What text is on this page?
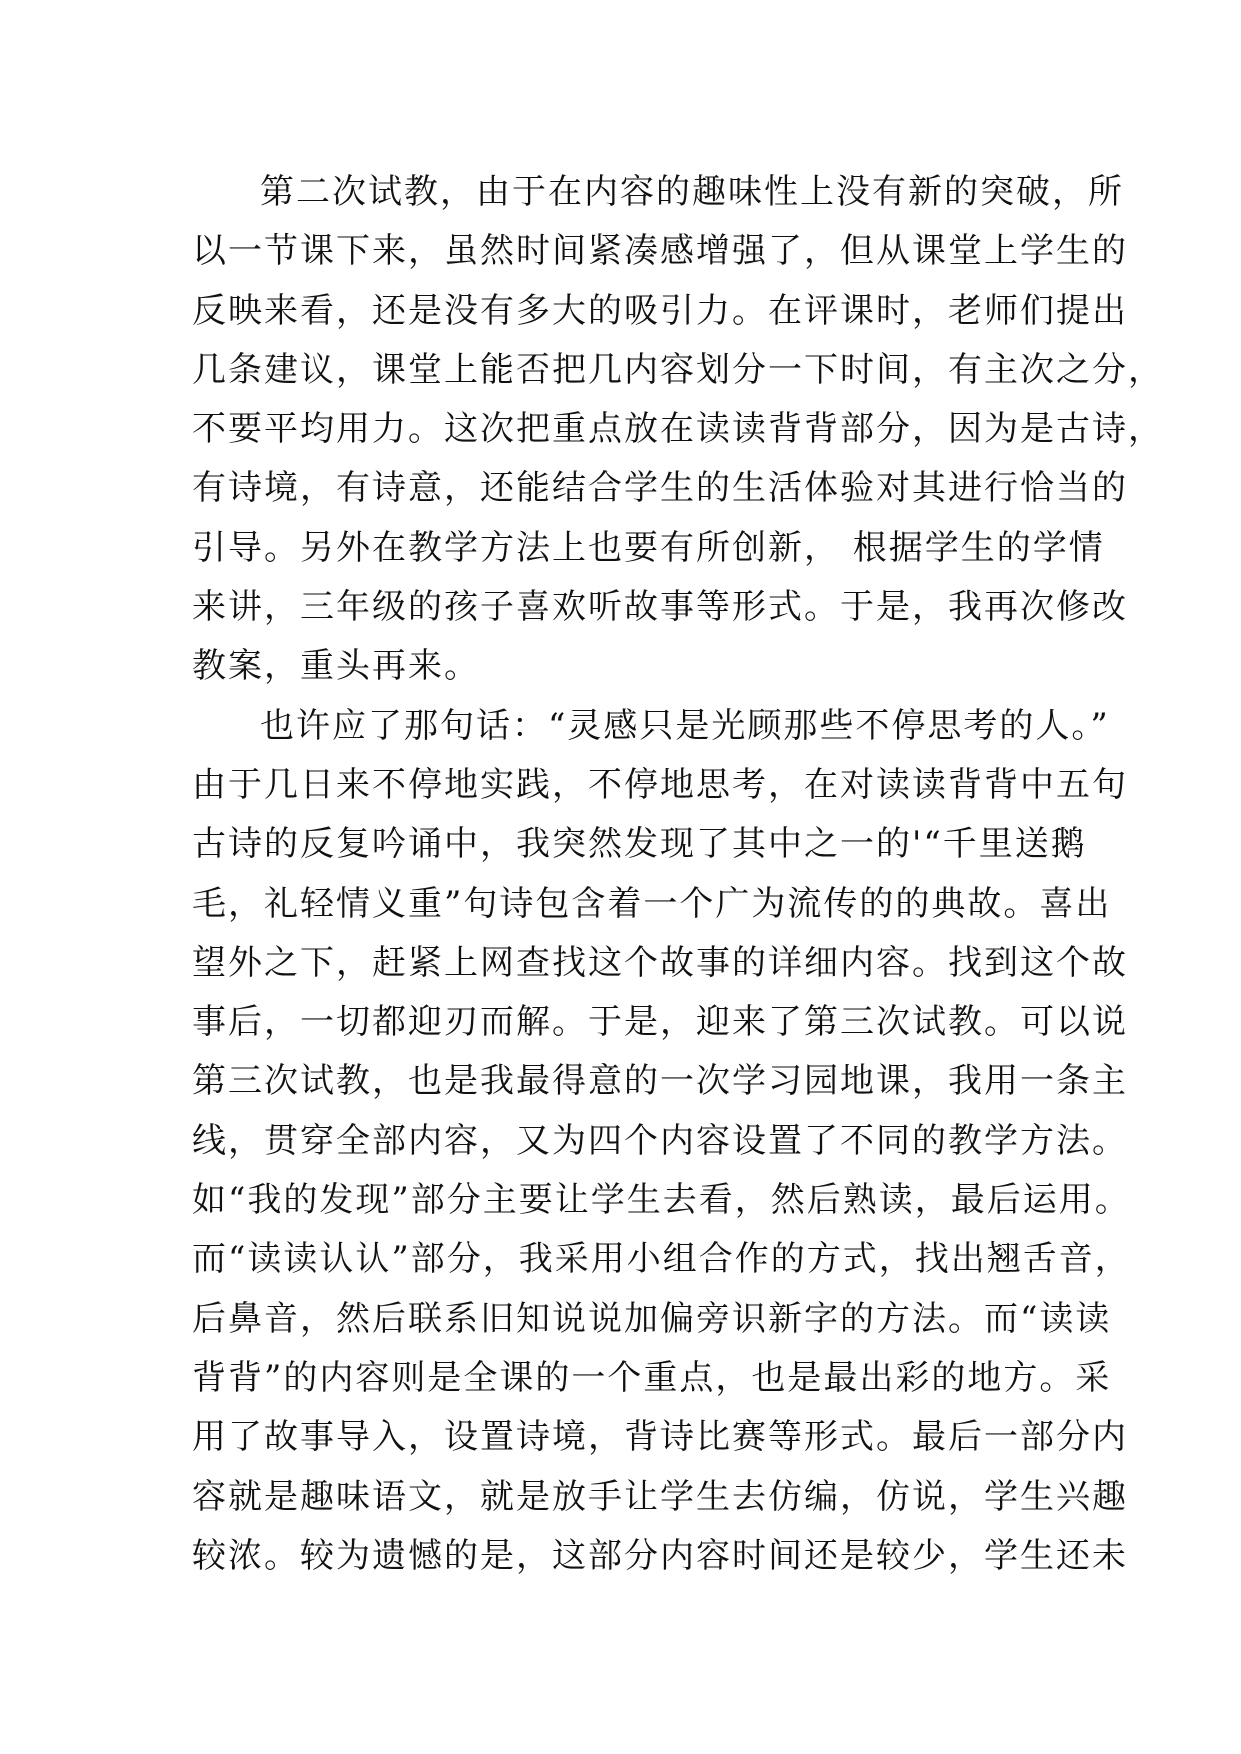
第二次试教，由于在内容的趣味性上没有新的突破，所
以一节课下来，虽然时间紧凑感增强了，但从课堂上学生的
反映来看，还是没有多大的吸引力。在评课时，老师们提出
几条建议，课堂上能否把几内容划分一下时间，有主次之分，
不要平均用力。这次把重点放在读读背背部分，因为是古诗，
有诗境，有诗意，还能结合学生的生活体验对其进行恰当的
引导。另外在教学方法上也要有所创新， 根据学生的学情
来讲，三年级的孩子喜欢听故事等形式。于是，我再次修改
教案，重头再来。
也许应了那句话：“灵感只是光顾那些不停思考的人。”
由于几日来不停地实践，不停地思考，在对读读背背中五句
古诗的反复吟诵中，我突然发现了其中之一的'“千里送鹅
毛，礼轻情义重”句诗包含着一个广为流传的的典故。喜出
望外之下，赶紧上网查找这个故事的详细内容。找到这个故
事后，一切都迎刃而解。于是，迎来了第三次试教。可以说
第三次试教，也是我最得意的一次学习园地课，我用一条主
线，贯穿全部内容，又为四个内容设置了不同的教学方法。
如“我的发现”部分主要让学生去看，然后熟读，最后运用。
而“读读认认”部分，我采用小组合作的方式，找出翘舌音，
后鼻音，然后联系旧知说说加偏旁识新字的方法。而“读读
背背”的内容则是全课的一个重点，也是最出彩的地方。采
用了故事导入，设置诗境，背诗比赛等形式。最后一部分内
容就是趣味语文，就是放手让学生去仿编，仿说，学生兴趣
较浓。较为遗憾的是，这部分内容时间还是较少，学生还未
